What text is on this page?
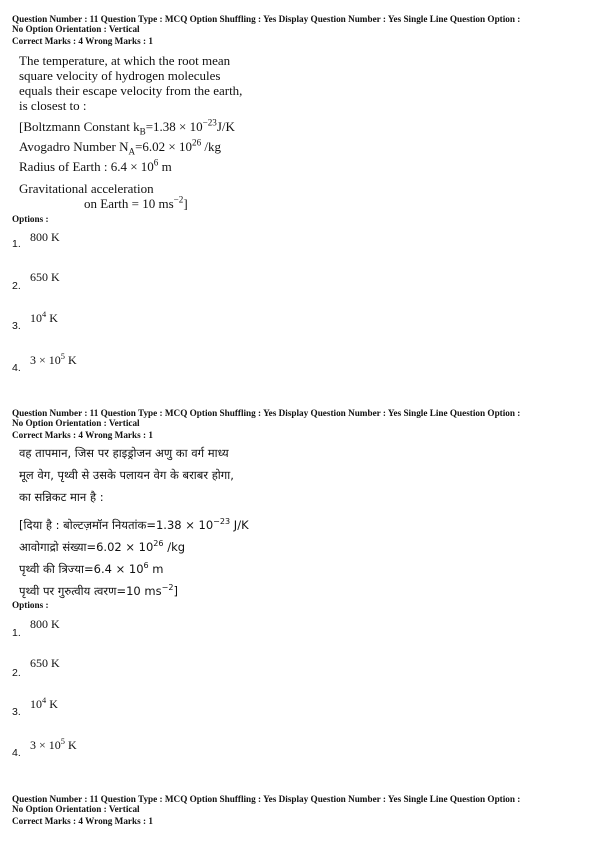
Question Number : 11 Question Type : MCQ Option Shuffling : Yes Display Question Number : Yes Single Line Question Option :
No Option Orientation : Vertical
Correct Marks : 4 Wrong Marks : 1
The temperature, at which the root mean
square velocity of hydrogen molecules
equals their escape velocity from the earth,
is closest to :
[Boltzmann Constant $k_B=1.38 \times 10^{-23}J/K$
Avogadro Number $N_A=6.02 \times 10^{26}$ /kg
Radius of Earth : $6.4 \times 10^6$ m
Gravitational acceleration
on Earth = 10 $ms^{-2}$]
Options :
1. 800 K
2.
650 K
3.
$10^4$ K
4.
$3 \times 10^5$ K
Question Number : 11 Question Type : MCQ Option Shuffling : Yes Display Question Number : Yes Single Line Question Option :
No Option Orientation : Vertical
Correct Marks : 4 Wrong Marks : 1
वह तापमान, जिस पर हाइड्रोजन अणु का वर्ग माध्य
मूल वेग, पृथ्वी से उसके पलायन वेग के बराबर होगा,
का सन्निकट मान है :
[दिया है : बोल्टज़मॉन नियतांक=1.38 × $10^{-23}$ J/K
आवोगाद्रो संख्या=6.02 × $10^{26}$ /kg
पृथ्वी की त्रिज्या=6.4 × $10^6$ m
पृथ्वी पर गुरुत्वीय त्वरण=10 $ms^{-2}$]
Options :
1.
800 K
2.
650 K
3.
$10^4$ K
4.
$3 \times 10^5$ K
Question Number : 11 Question Type : MCQ Option Shuffling : Yes Display Question Number : Yes Single Line Question Option :
No Option Orientation : Vertical
Correct Marks : 4 Wrong Marks : 1
